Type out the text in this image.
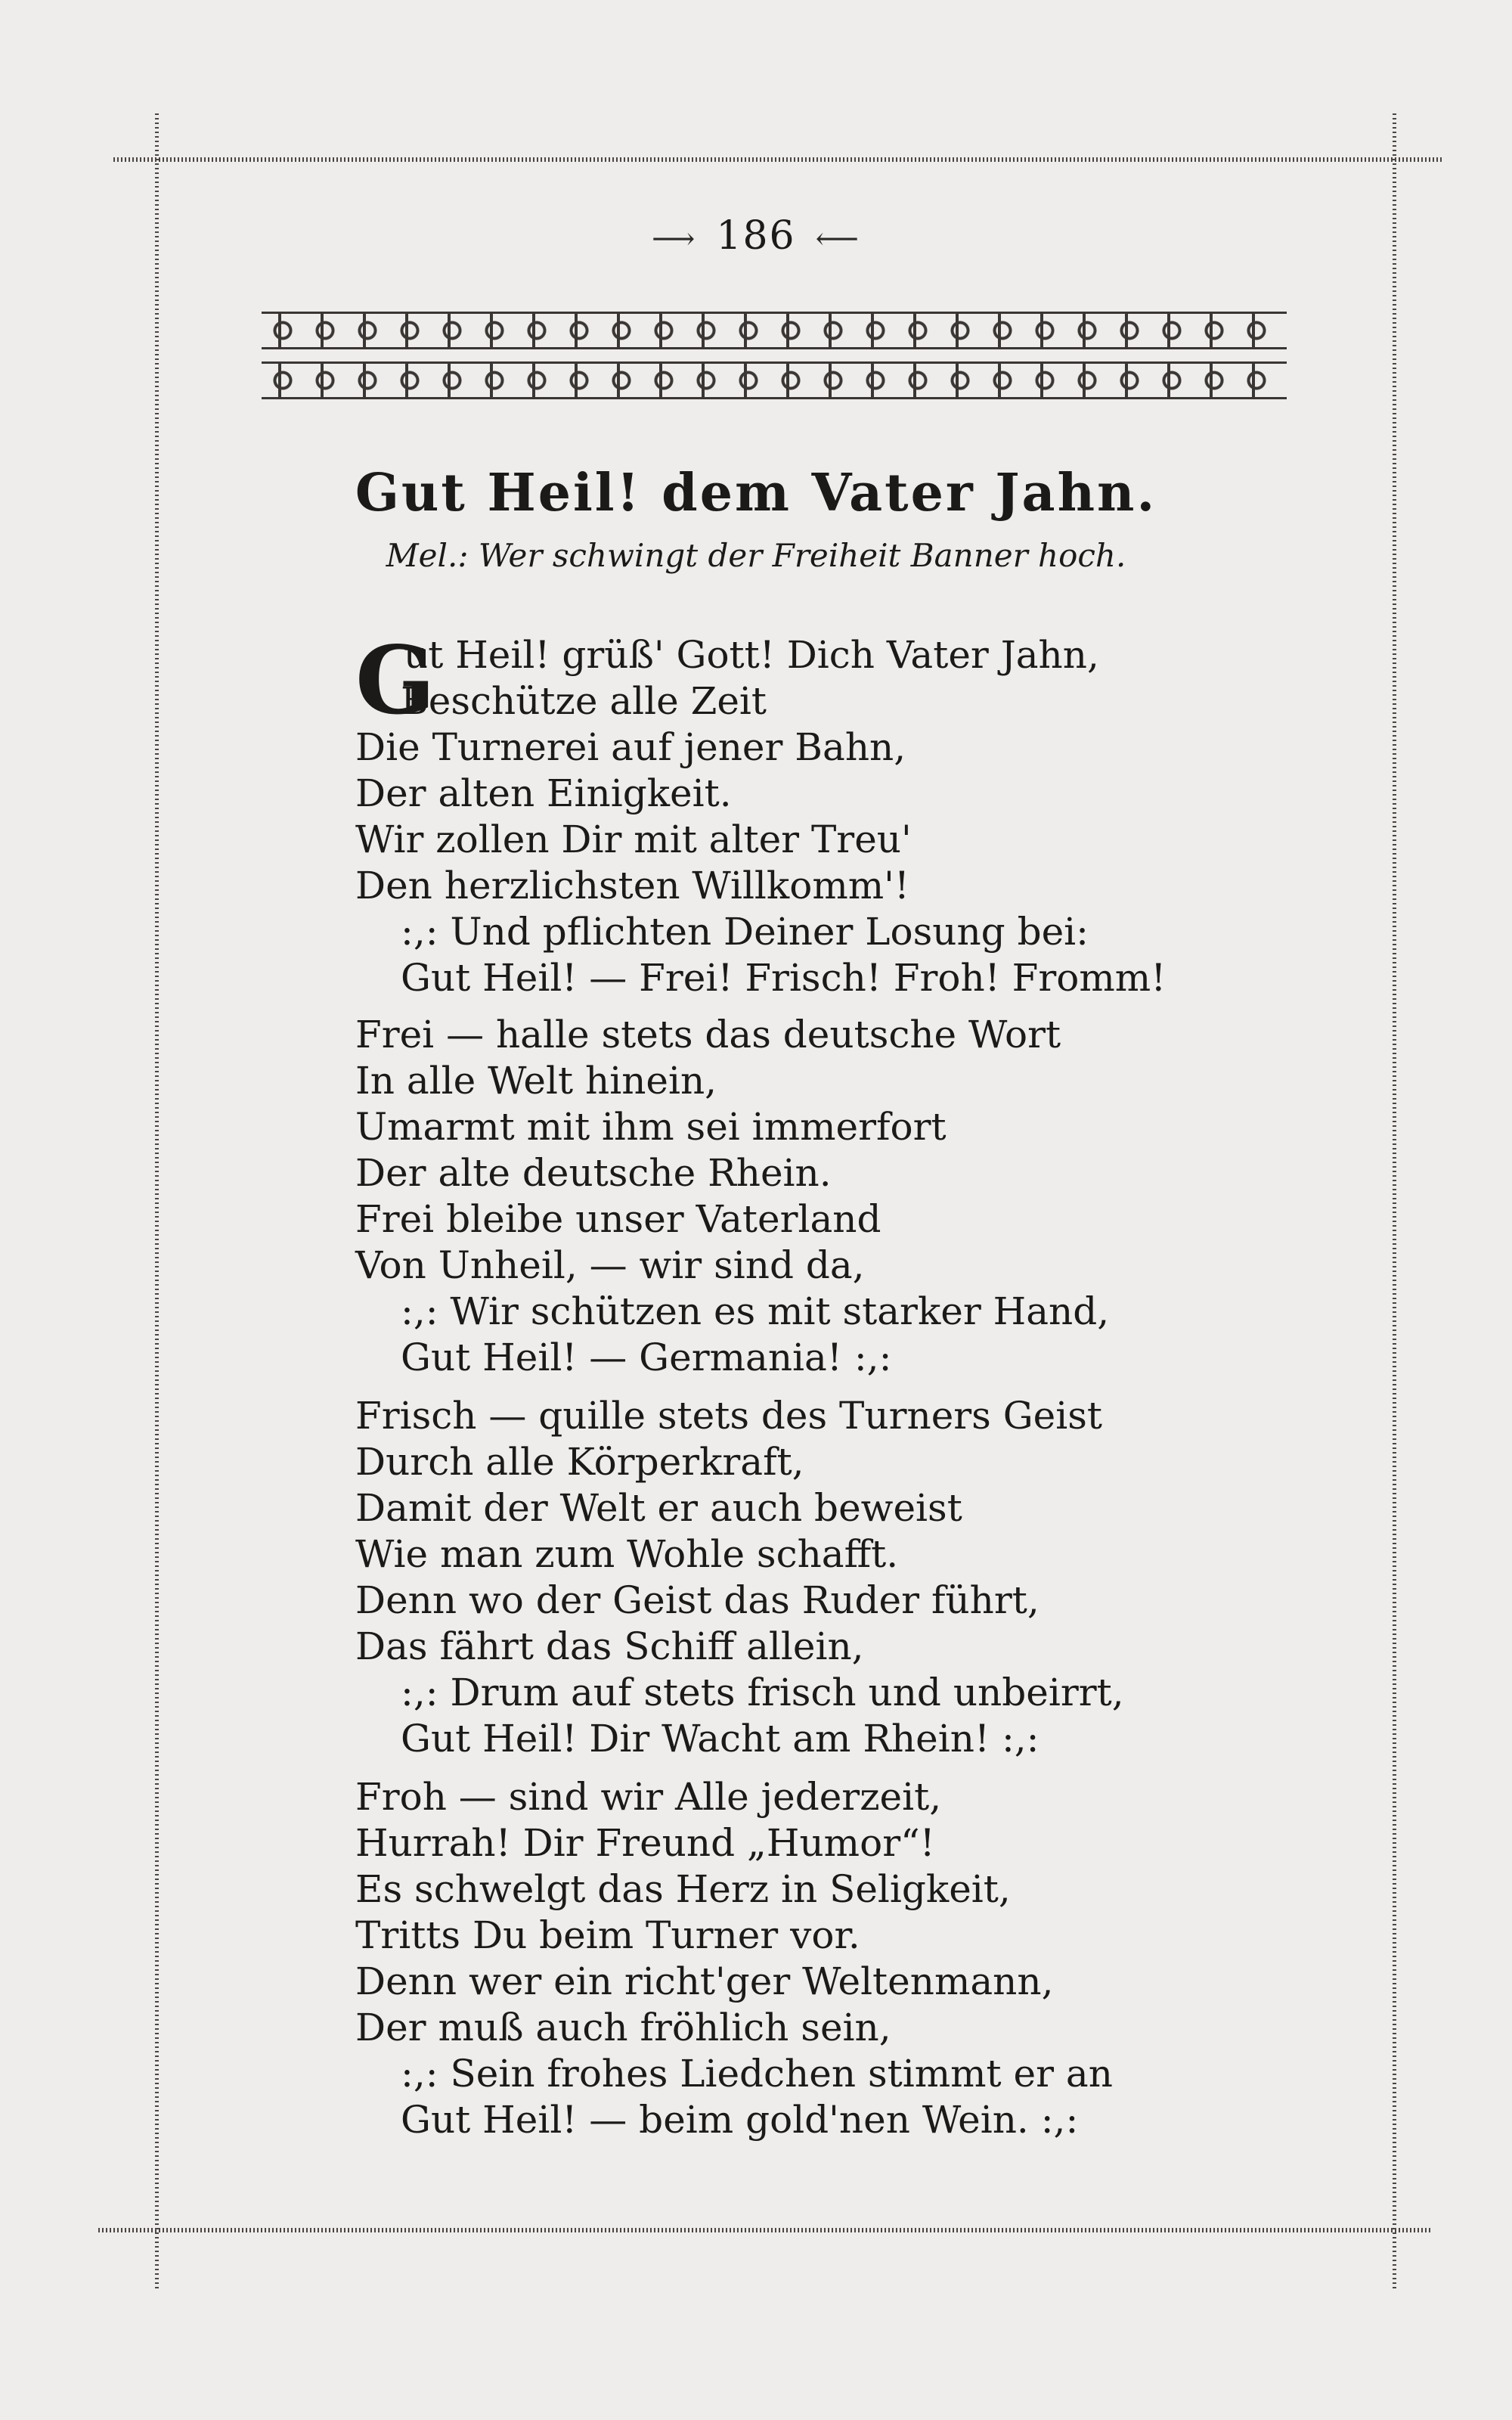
⟶ 186 ⟵
Gut Heil! dem Vater Jahn.
Mel.: Wer schwingt der Freiheit Banner hoch.
G
ut Heil! grüß' Gott! Dich Vater Jahn,
Beschütze alle Zeit
Die Turnerei auf jener Bahn,
Der alten Einigkeit.
Wir zollen Dir mit alter Treu'
Den herzlichsten Willkomm'!
:,: Und pflichten Deiner Losung bei:
Gut Heil! — Frei! Frisch! Froh! Fromm!
Frei — halle stets das deutsche Wort
In alle Welt hinein,
Umarmt mit ihm sei immerfort
Der alte deutsche Rhein.
Frei bleibe unser Vaterland
Von Unheil, — wir sind da,
:,: Wir schützen es mit starker Hand,
Gut Heil! — Germania! :,:
Frisch — quille stets des Turners Geist
Durch alle Körperkraft,
Damit der Welt er auch beweist
Wie man zum Wohle schafft.
Denn wo der Geist das Ruder führt,
Das fährt das Schiff allein,
:,: Drum auf stets frisch und unbeirrt,
Gut Heil! Dir Wacht am Rhein! :,:
Froh — sind wir Alle jederzeit,
Hurrah! Dir Freund „Humor“!
Es schwelgt das Herz in Seligkeit,
Tritts Du beim Turner vor.
Denn wer ein richt'ger Weltenmann,
Der muß auch fröhlich sein,
:,: Sein frohes Liedchen stimmt er an
Gut Heil! — beim gold'nen Wein. :,:
